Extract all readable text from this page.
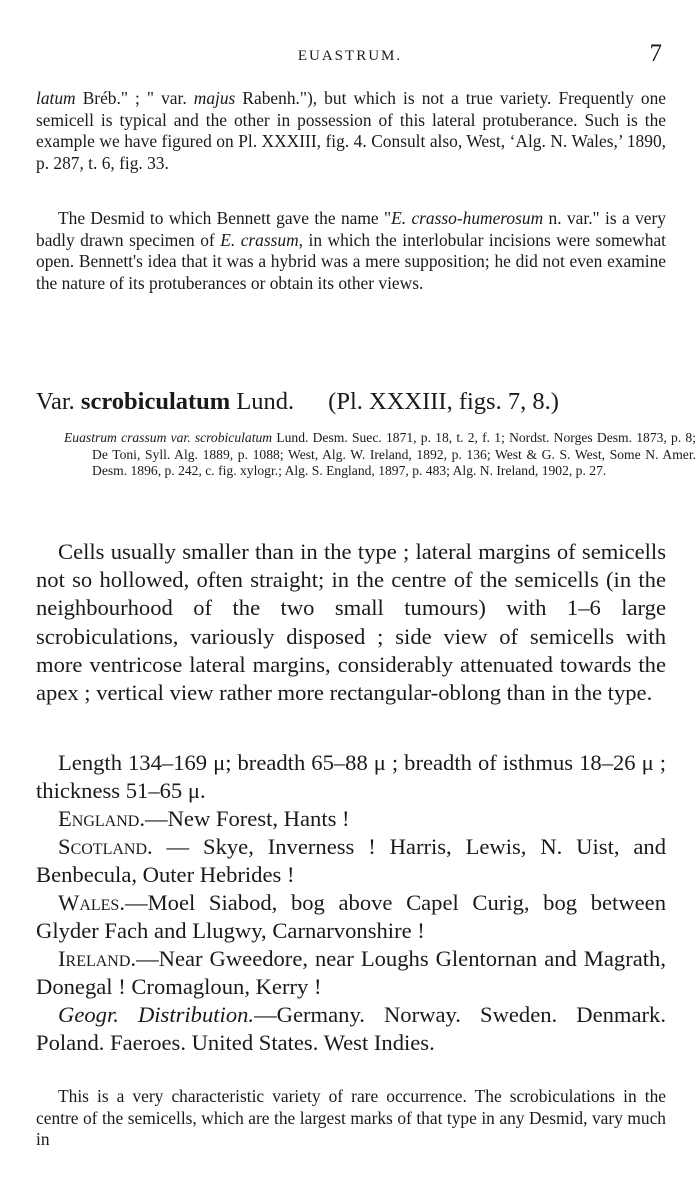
EUASTRUM.	7

latum Bréb." ; " var. majus Rabenh."), but which is not a true variety. Frequently one semicell is typical and the other in possession of this lateral protuberance. Such is the example we have figured on Pl. XXXIII, fig. 4. Consult also, West, ‘Alg. N. Wales,’ 1890, p. 287, t. 6, fig. 33.

The Desmid to which Bennett gave the name "E. crasso-humerosum n. var." is a very badly drawn specimen of E. crassum, in which the interlobular incisions were somewhat open. Bennett's idea that it was a hybrid was a mere supposition; he did not even examine the nature of its protuberances or obtain its other views.

Var. scrobiculatum Lund. (Pl. XXXIII, figs. 7, 8.)

Euastrum crassum var. scrobiculatum Lund. Desm. Suec. 1871, p. 18, t. 2, f. 1; Nordst. Norges Desm. 1873, p. 8; De Toni, Syll. Alg. 1889, p. 1088; West, Alg. W. Ireland, 1892, p. 136; West & G. S. West, Some N. Amer. Desm. 1896, p. 242, c. fig. xylogr.; Alg. S. England, 1897, p. 483; Alg. N. Ireland, 1902, p. 27.

Cells usually smaller than in the type ; lateral margins of semicells not so hollowed, often straight; in the centre of the semicells (in the neighbourhood of the two small tumours) with 1–6 large scrobiculations, variously disposed ; side view of semicells with more ventricose lateral margins, considerably attenuated towards the apex ; vertical view rather more rectangular-oblong than in the type.

Length 134–169 μ; breadth 65–88 μ ; breadth of isthmus 18–26 μ ; thickness 51–65 μ.

England.—New Forest, Hants !

Scotland. — Skye, Inverness ! Harris, Lewis, N. Uist, and Benbecula, Outer Hebrides !

Wales.—Moel Siabod, bog above Capel Curig, bog between Glyder Fach and Llugwy, Carnarvonshire !

Ireland.—Near Gweedore, near Loughs Glentornan and Magrath, Donegal ! Cromagloun, Kerry !

Geogr. Distribution.—Germany. Norway. Sweden. Denmark. Poland. Faeroes. United States. West Indies.

This is a very characteristic variety of rare occurrence. The scrobiculations in the centre of the semicells, which are the largest marks of that type in any Desmid, vary much in
